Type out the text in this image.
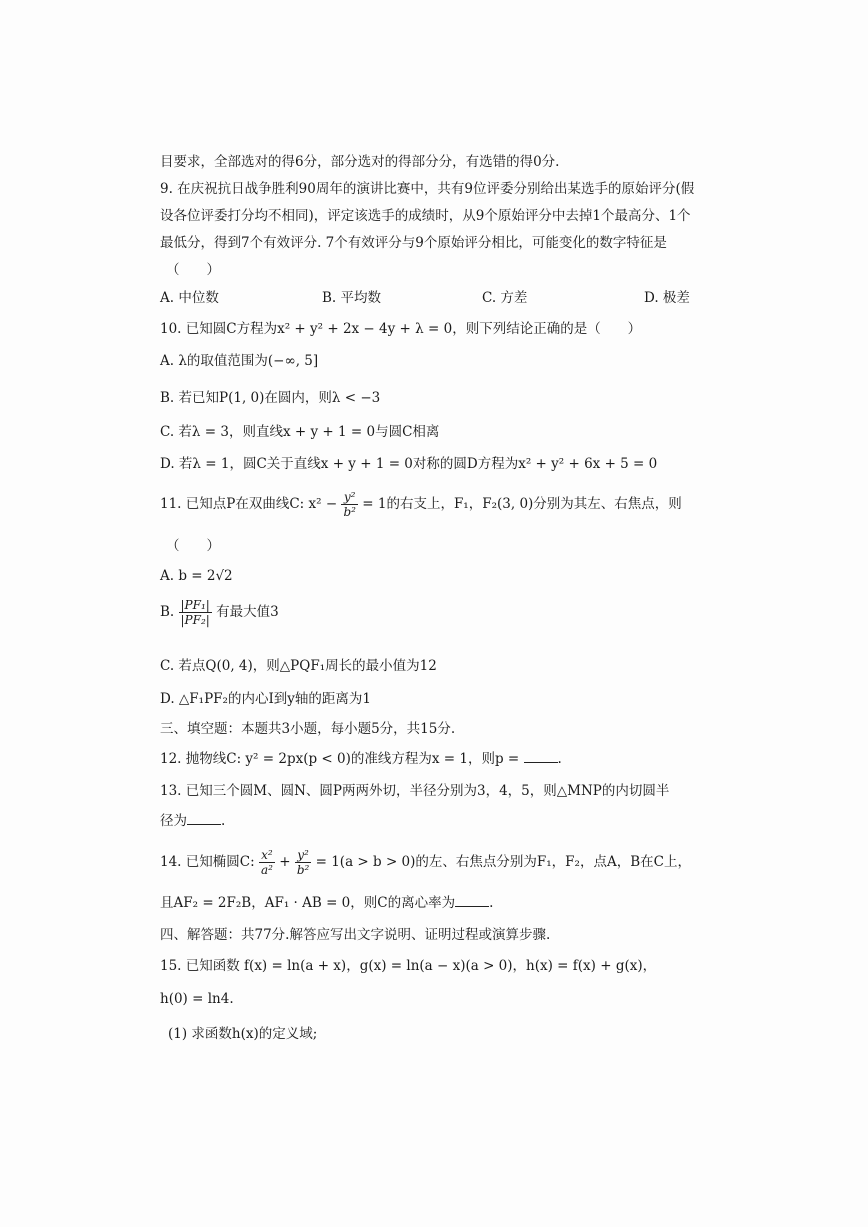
目要求，全部选对的得6分，部分选对的得部分分，有选错的得0分.
9. 在庆祝抗日战争胜利90周年的演讲比赛中，共有9位评委分别给出某选手的原始评分(假
设各位评委打分均不相同)，评定该选手的成绩时，从9个原始评分中去掉1个最高分、1个
最低分，得到7个有效评分. 7个有效评分与9个原始评分相比，可能变化的数字特征是
（　　）
A. 中位数	B. 平均数	C. 方差	D. 极差
10. 已知圆C方程为x² + y² + 2x − 4y + λ = 0，则下列结论正确的是（　　）
A. λ的取值范围为(−∞, 5]
B. 若已知P(1, 0)在圆内，则λ < −3
C. 若λ = 3，则直线x + y + 1 = 0与圆C相离
D. 若λ = 1，圆C关于直线x + y + 1 = 0对称的圆D方程为x² + y² + 6x + 5 = 0
11. 已知点P在双曲线C: $x^2 - \frac{\text{y²}}{\text{b²}} = 1$的右支上，F₁，F₂(3, 0)分别为其左、右焦点，则
（　　）
A. b = 2√2
B. $\frac{\text{|PF₁|}}{\text{|PF₂|}}$ 有最大值3
C. 若点Q(0, 4)，则△PQF₁周长的最小值为12
D. △F₁PF₂的内心I到y轴的距离为1
三、填空题：本题共3小题，每小题5分，共15分.
12. 抛物线C: y² = 2px(p < 0)的准线方程为x = 1，则p =	.
13. 已知三个圆M、圆N、圆P两两外切，半径分别为3，4，5，则△MNP的内切圆半
径为	.
14. 已知椭圆C: $\frac{\text{x²}}{\text{a²}} + \frac{\text{y²}}{\text{b²}} = 1(a > b > 0)$的左、右焦点分别为F₁，F₂，点A，B在C上，
且AF₂ = 2F₂B，AF₁ · AB = 0，则C的离心率为	.
四、解答题：共77分.解答应写出文字说明、证明过程或演算步骤.
15. 已知函数 f(x) = ln(a + x)，g(x) = ln(a − x)(a > 0)，h(x) = f(x) + g(x)，
h(0) = ln4.
(1) 求函数h(x)的定义域;
